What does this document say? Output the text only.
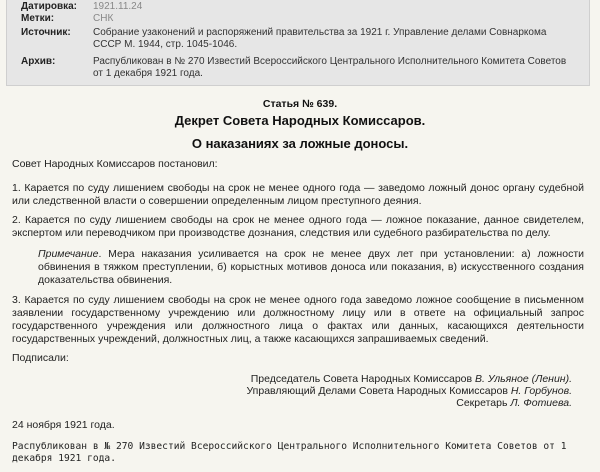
Датировка: 1921.11.24
Метки:	СНК
Источник: Собрание узаконений и распоряжений правительства за 1921 г. Управление делами Совнаркома СССР М. 1944, стр. 1045-1046.
Архив:	Распубликован в № 270 Известий Всероссийского Центрального Исполнительного Комитета Советов от 1 декабря 1921 года.
Статья № 639.
Декрет Совета Народных Комиссаров.
О наказаниях за ложные доносы.
Совет Народных Комиссаров постановил:
1. Карается по суду лишением свободы на срок не менее одного года — заведомо ложный донос органу судебной или следственной власти о совершении определенным лицом преступного деяния.
2. Карается по суду лишением свободы на срок не менее одного года — ложное показание, данное свидетелем, экспертом или переводчиком при производстве дознания, следствия или судебного разбирательства по делу.
Примечание. Мера наказания усиливается на срок не менее двух лет при установлении: а) ложности обвинения в тяжком преступлении, б) корыстных мотивов доноса или показания, в) искусственного создания доказательства обвинения.
3. Карается по суду лишением свободы на срок не менее одного года заведомо ложное сообщение в письменном заявлении государственному учреждению или должностному лицу или в ответе на официальный запрос государственного учреждения или должностного лица о фактах или данных, касающихся деятельности государственных учреждений, должностных лиц, а также касающихся запрашиваемых сведений.
Подписали:
Председатель Совета Народных Комиссаров В. Ульяное (Ленин).
Управляющий Делами Совета Народных Комиссаров Н. Горбунов.
Секретарь Л. Фотиева.
24 ноября 1921 года.
Распубликован в № 270 Известий Всероссийского Центрального Исполнительного Комитета Советов от 1 декабря 1921 года.
